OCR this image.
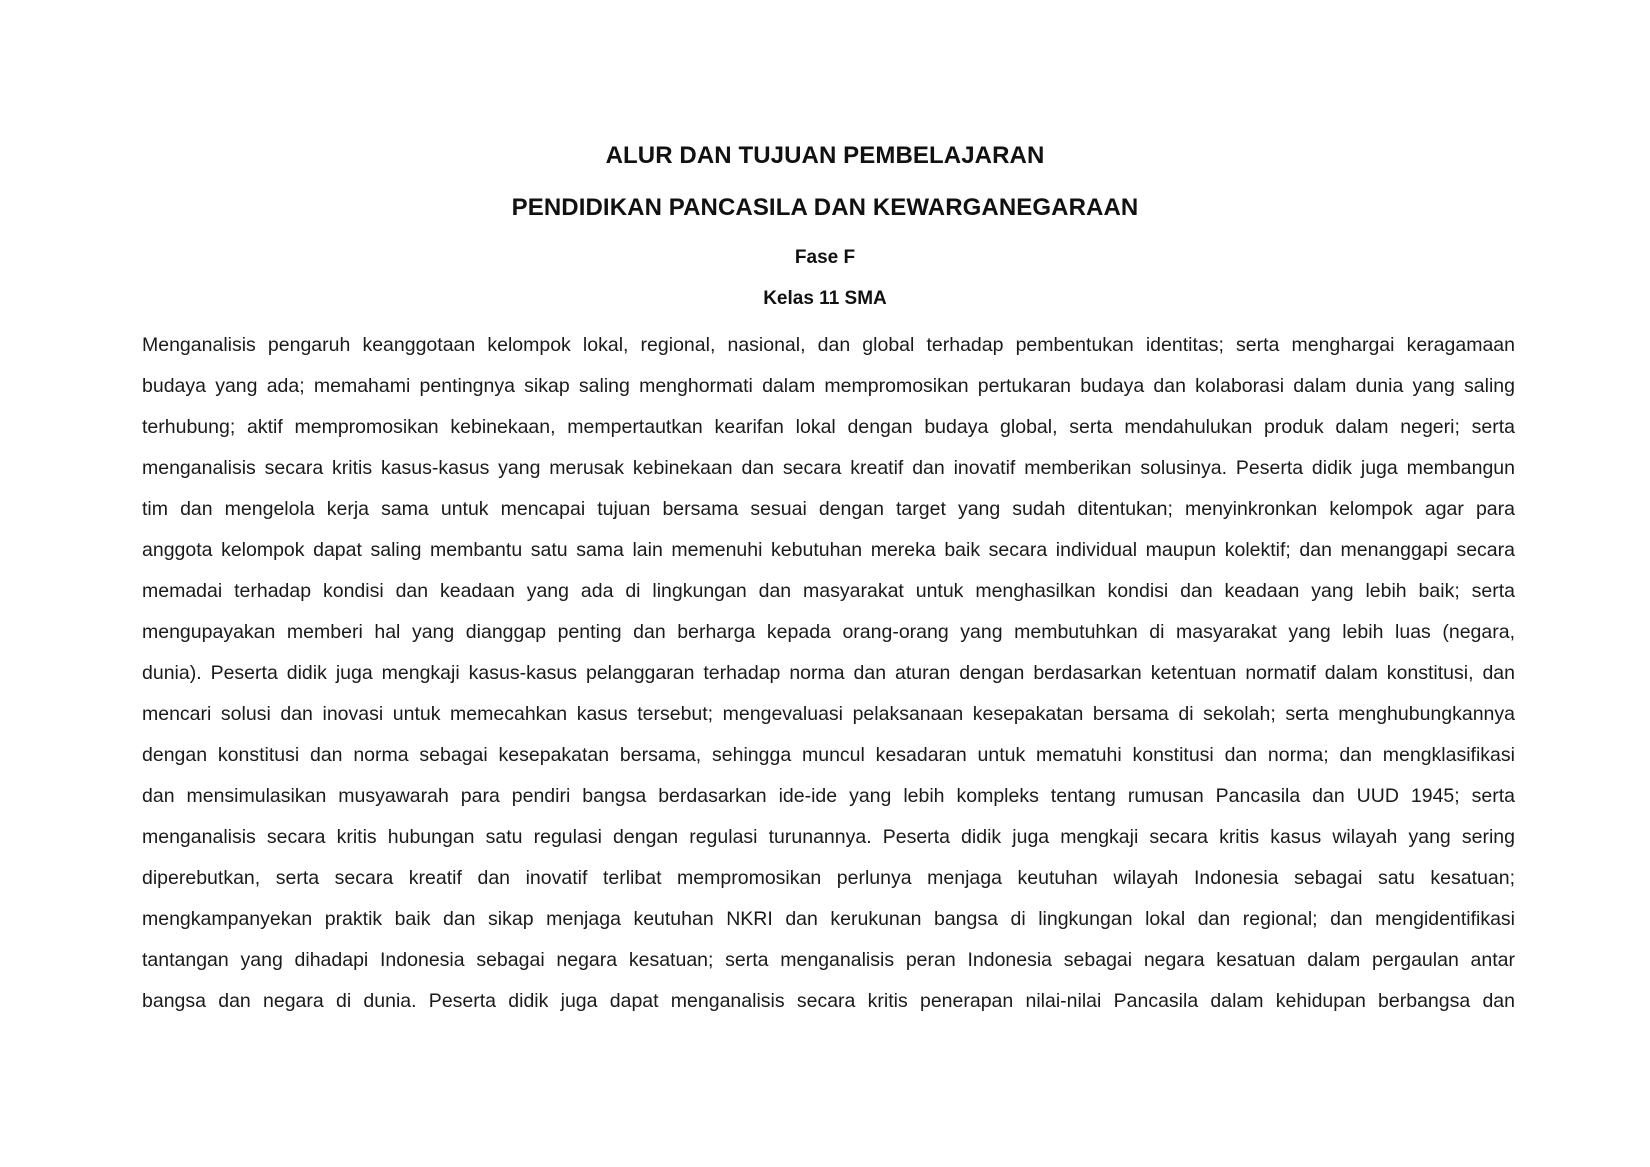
ALUR DAN TUJUAN PEMBELAJARAN
PENDIDIKAN PANCASILA DAN KEWARGANEGARAAN
Fase F
Kelas 11 SMA
Menganalisis pengaruh keanggotaan kelompok lokal, regional, nasional, dan global terhadap pembentukan identitas; serta menghargai keragamaan
budaya yang ada; memahami pentingnya sikap saling menghormati dalam mempromosikan pertukaran budaya dan kolaborasi dalam dunia yang saling
terhubung; aktif mempromosikan kebinekaan, mempertautkan kearifan lokal dengan budaya global, serta mendahulukan produk dalam negeri; serta
menganalisis secara kritis kasus-kasus yang merusak kebinekaan dan secara kreatif dan inovatif memberikan solusinya. Peserta didik juga membangun
tim dan mengelola kerja sama untuk mencapai tujuan bersama sesuai dengan target yang sudah ditentukan; menyinkronkan kelompok agar para
anggota kelompok dapat saling membantu satu sama lain memenuhi kebutuhan mereka baik secara individual maupun kolektif; dan menanggapi secara
memadai terhadap kondisi dan keadaan yang ada di lingkungan dan masyarakat untuk menghasilkan kondisi dan keadaan yang lebih baik; serta
mengupayakan memberi hal yang dianggap penting dan berharga kepada orang-orang yang membutuhkan di masyarakat yang lebih luas (negara,
dunia). Peserta didik juga mengkaji kasus-kasus pelanggaran terhadap norma dan aturan dengan berdasarkan ketentuan normatif dalam konstitusi, dan
mencari solusi dan inovasi untuk memecahkan kasus tersebut; mengevaluasi pelaksanaan kesepakatan bersama di sekolah; serta menghubungkannya
dengan konstitusi dan norma sebagai kesepakatan bersama, sehingga muncul kesadaran untuk mematuhi konstitusi dan norma; dan mengklasifikasi
dan mensimulasikan musyawarah para pendiri bangsa berdasarkan ide-ide yang lebih kompleks tentang rumusan Pancasila dan UUD 1945; serta
menganalisis secara kritis hubungan satu regulasi dengan regulasi turunannya. Peserta didik juga mengkaji secara kritis kasus wilayah yang sering
diperebutkan, serta secara kreatif dan inovatif terlibat mempromosikan perlunya menjaga keutuhan wilayah Indonesia sebagai satu kesatuan;
mengkampanyekan praktik baik dan sikap menjaga keutuhan NKRI dan kerukunan bangsa di lingkungan lokal dan regional; dan mengidentifikasi
tantangan yang dihadapi Indonesia sebagai negara kesatuan; serta menganalisis peran Indonesia sebagai negara kesatuan dalam pergaulan antar
bangsa dan negara di dunia. Peserta didik juga dapat menganalisis secara kritis penerapan nilai-nilai Pancasila dalam kehidupan berbangsa dan
